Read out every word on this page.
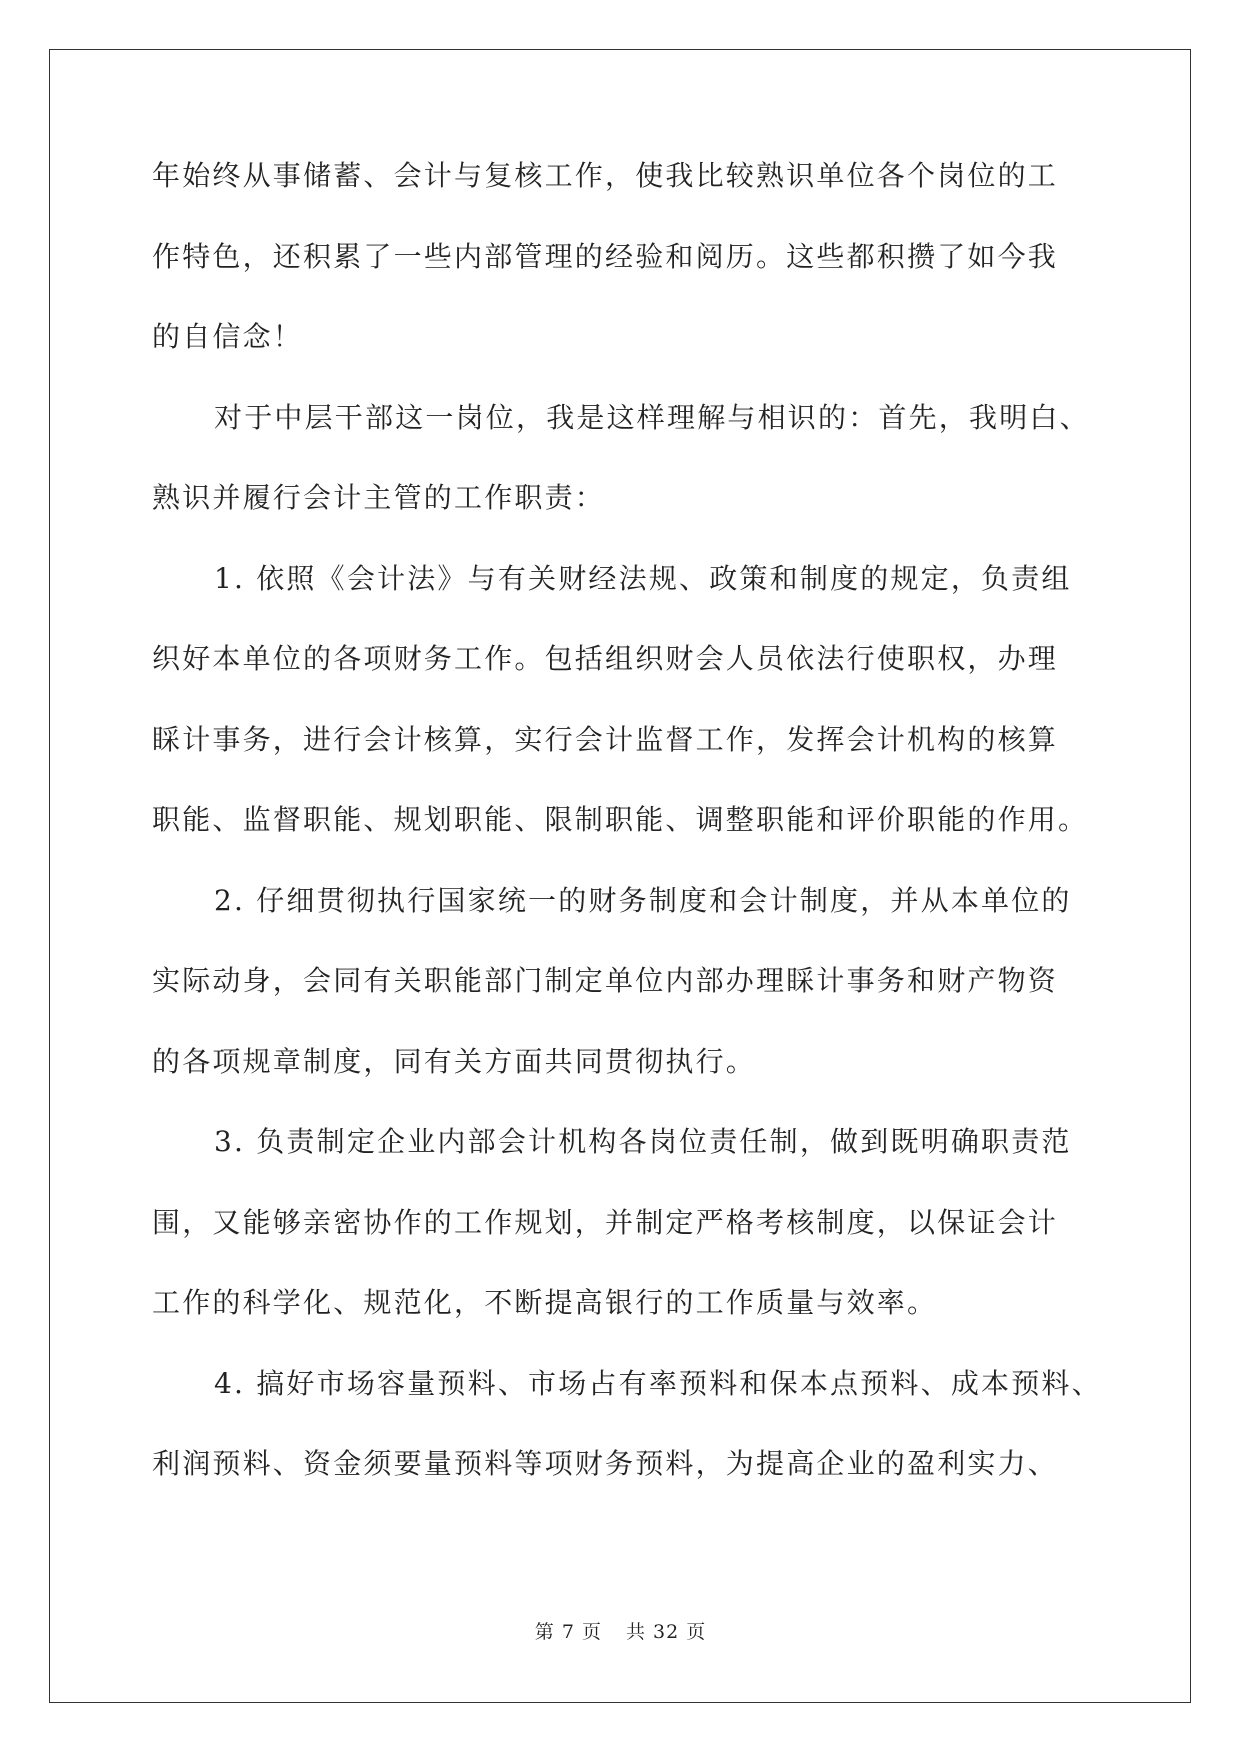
年始终从事储蓄、会计与复核工作，使我比较熟识单位各个岗位的工
作特色，还积累了一些内部管理的经验和阅历。这些都积攒了如今我
的自信念！
对于中层干部这一岗位，我是这样理解与相识的：首先，我明白、
熟识并履行会计主管的工作职责：
1. 依照《会计法》与有关财经法规、政策和制度的规定，负责组
织好本单位的各项财务工作。包括组织财会人员依法行使职权，办理
睬计事务，进行会计核算，实行会计监督工作，发挥会计机构的核算
职能、监督职能、规划职能、限制职能、调整职能和评价职能的作用。
2. 仔细贯彻执行国家统一的财务制度和会计制度，并从本单位的
实际动身，会同有关职能部门制定单位内部办理睬计事务和财产物资
的各项规章制度，同有关方面共同贯彻执行。
3. 负责制定企业内部会计机构各岗位责任制，做到既明确职责范
围，又能够亲密协作的工作规划，并制定严格考核制度，以保证会计
工作的科学化、规范化，不断提高银行的工作质量与效率。
4. 搞好市场容量预料、市场占有率预料和保本点预料、成本预料、
利润预料、资金须要量预料等项财务预料，为提高企业的盈利实力、
第 7 页 共 32 页
